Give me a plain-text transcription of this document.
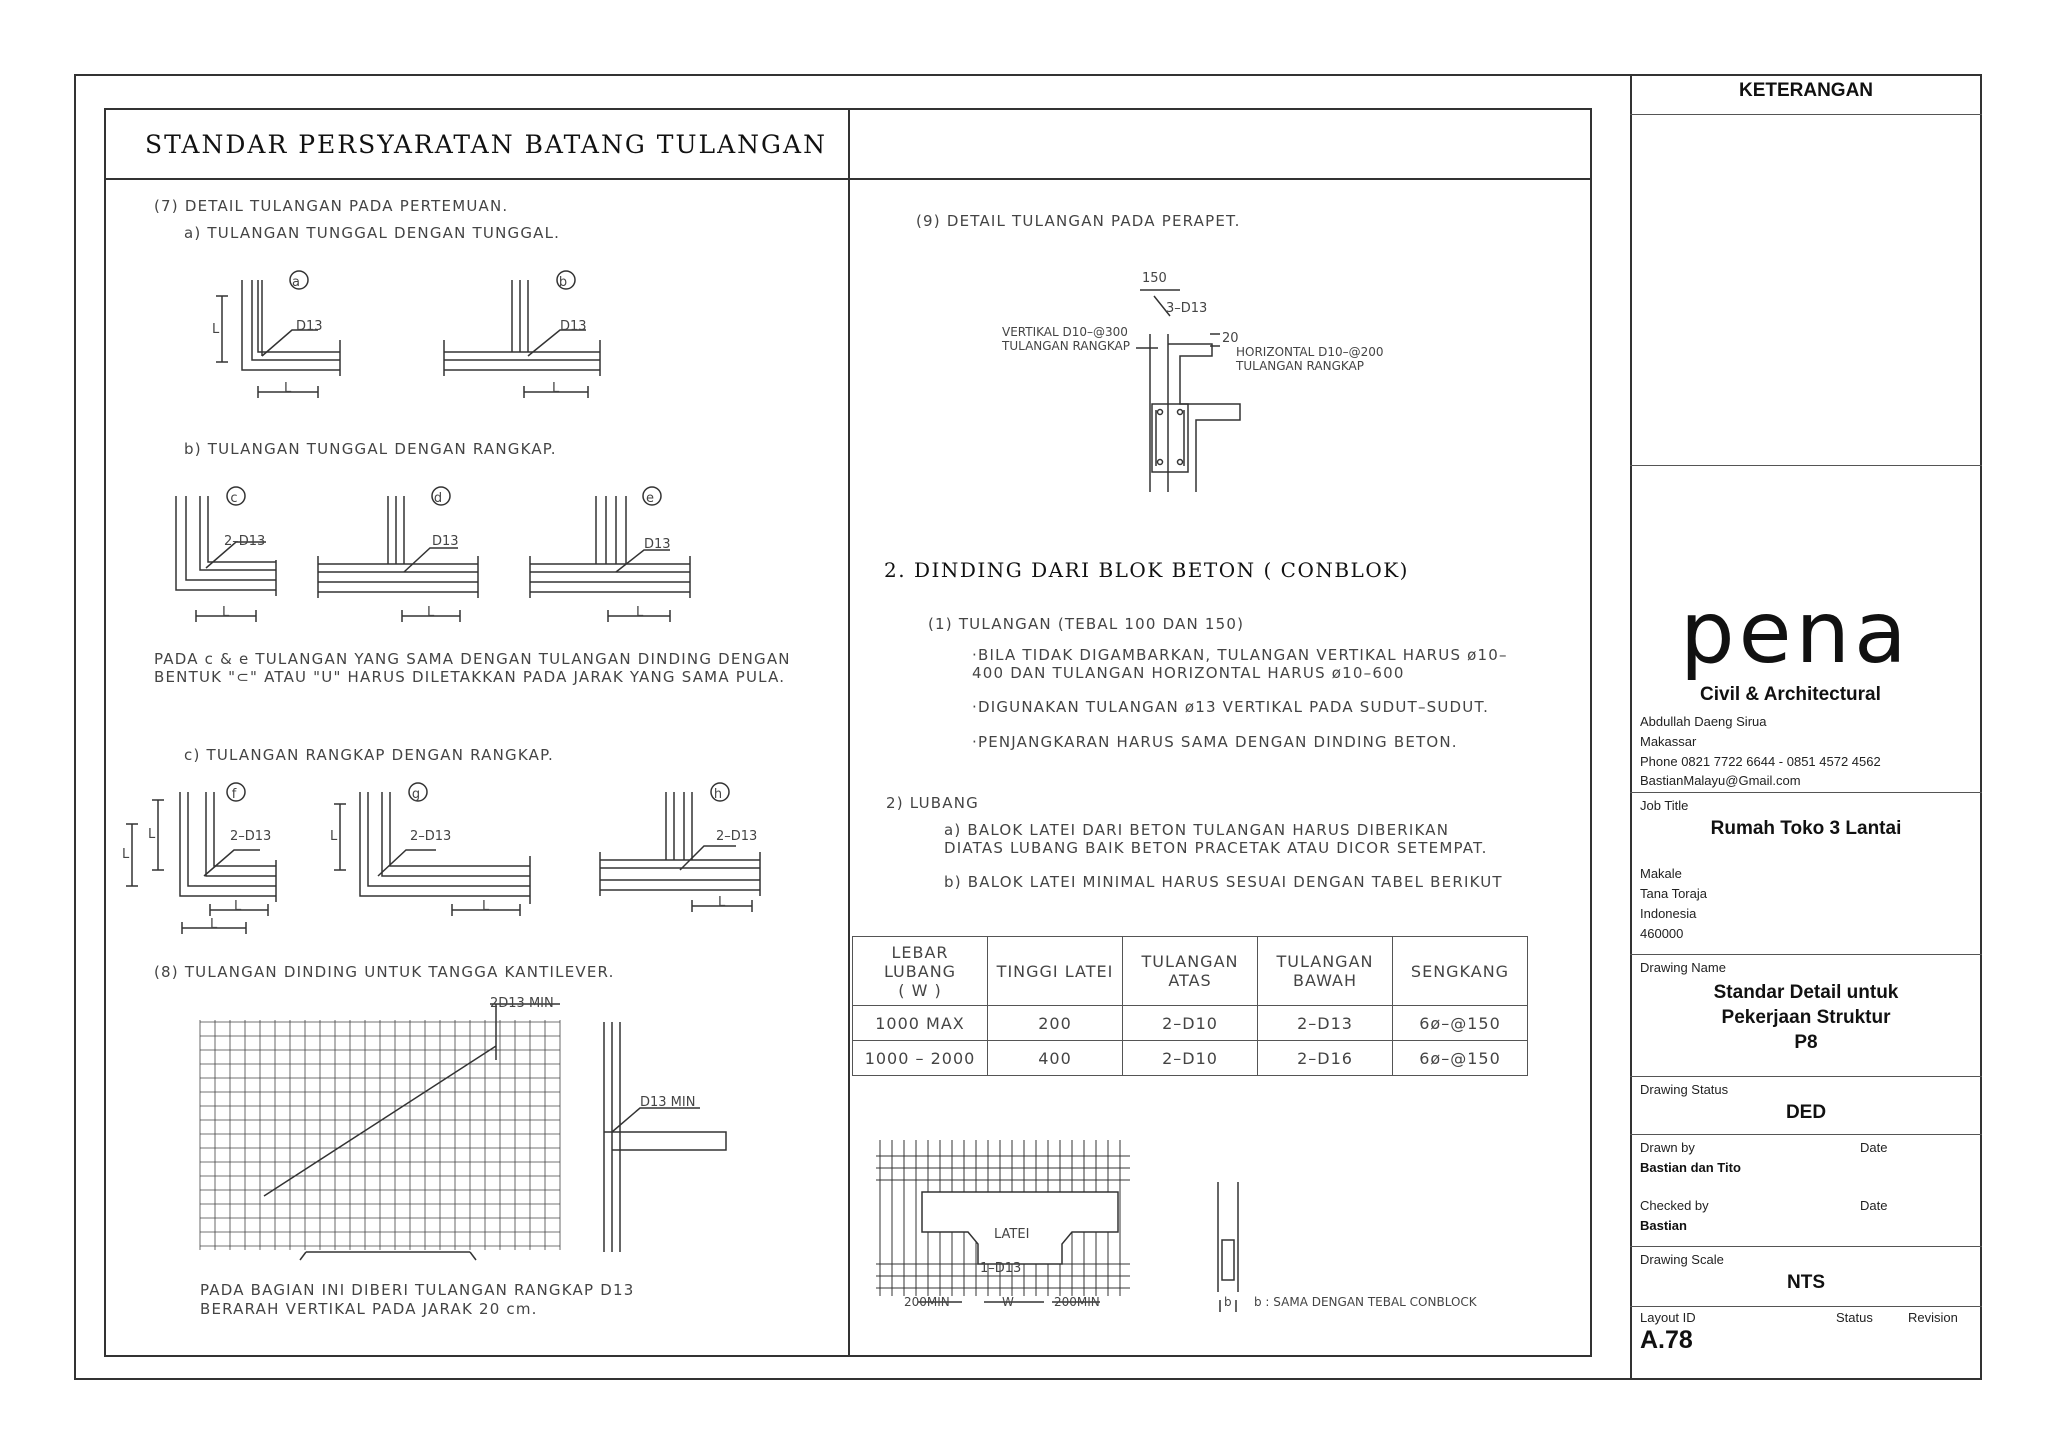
STANDAR PERSYARATAN BATANG TULANGAN
(7) DETAIL TULANGAN PADA PERTEMUAN.
a) TULANGAN TUNGGAL DENGAN TUNGGAL.
b) TULANGAN TUNGGAL DENGAN RANGKAP.
PADA c & e TULANGAN YANG SAMA DENGAN TULANGAN DINDING DENGAN BENTUK "⊂" ATAU "U" HARUS DILETAKKAN PADA JARAK YANG SAMA PULA.
c) TULANGAN RANGKAP DENGAN RANGKAP.
(8) TULANGAN DINDING UNTUK TANGGA KANTILEVER.
PADA BAGIAN INI DIBERI TULANGAN RANGKAP D13
BERARAH VERTIKAL PADA JARAK 20 cm.
(9) DETAIL TULANGAN PADA PERAPET.
2. DINDING DARI BLOK BETON ( CONBLOK)
(1) TULANGAN (TEBAL 100 DAN 150)
·BILA TIDAK DIGAMBARKAN, TULANGAN VERTIKAL HARUS ø10–400 DAN TULANGAN HORIZONTAL HARUS ø10–600
·DIGUNAKAN TULANGAN ø13 VERTIKAL PADA SUDUT–SUDUT.
·PENJANGKARAN HARUS SAMA DENGAN DINDING BETON.
2) LUBANG
a) BALOK LATEI DARI BETON TULANGAN HARUS DIBERIKAN DIATAS LUBANG BAIK BETON PRACETAK ATAU DICOR SETEMPAT.
b) BALOK LATEI MINIMAL HARUS SESUAI DENGAN TABEL BERIKUT
LEBAR LUBANG
( W )	TINGGI LATEI	TULANGAN ATAS	TULANGAN
BAWAH	SENGKANG
1000 MAX	200	2–D10	2–D13	6ø–@150
1000 – 2000	400	2–D10	2–D16	6ø–@150
a	b
c	d	e
f	g	h
D13	D13
2–D13	D13	D13
2–D13	2–D13	2–D13
L
L	L
L	L	L
L
L
L
L
L
L	L
2D13 MIN
D13 MIN
150
3–D13
20
VERTIKAL D10–@300
TULANGAN RANGKAP	HORIZONTAL D10–@200
TULANGAN RANGKAP
LATEI
1–D13
200MIN	W	200MIN	b b : SAMA DENGAN TEBAL CONBLOCK
KETERANGAN
pena
Civil & Architectural
Abdullah Daeng Sirua
Makassar
Phone 0821 7722 6644 - 0851 4572 4562
BastianMalayu@Gmail.com
Job Title
Rumah Toko 3 Lantai
Makale
Tana Toraja
Indonesia
460000
Drawing Name
Standar Detail untuk
Pekerjaan Struktur
P8
Drawing Status
DED
Drawn by	Date
Bastian dan Tito
Checked by	Date
Bastian
Drawing Scale
NTS
Layout ID	Status	Revision
A.78
